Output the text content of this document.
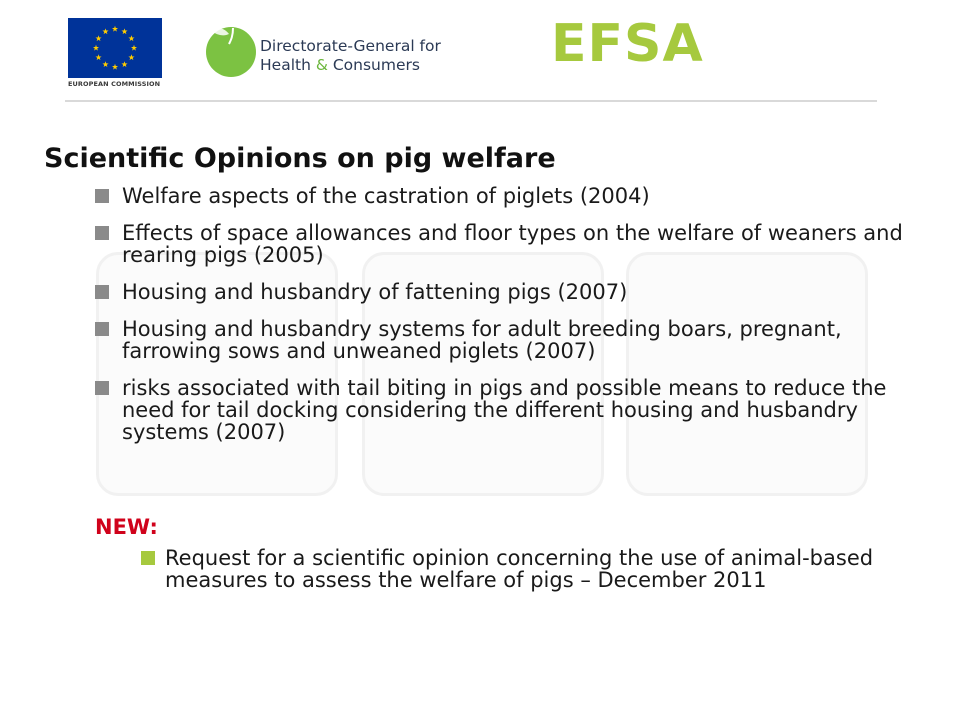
EUROPEAN COMMISSION
Directorate-General for
Health & Consumers	EFSA
Scientific Opinions on pig welfare
Welfare aspects of the castration of piglets (2004)
Effects of space allowances and floor types on the welfare of weaners and rearing pigs (2005)
Housing and husbandry of fattening pigs (2007)
Housing and husbandry systems for adult breeding boars, pregnant, farrowing sows and unweaned piglets (2007)
risks associated with tail biting in pigs and possible means to reduce the need for tail docking considering the different housing and husbandry systems (2007)
NEW:
Request for a scientific opinion concerning the use of animal-based measures to assess the welfare of pigs – December 2011
